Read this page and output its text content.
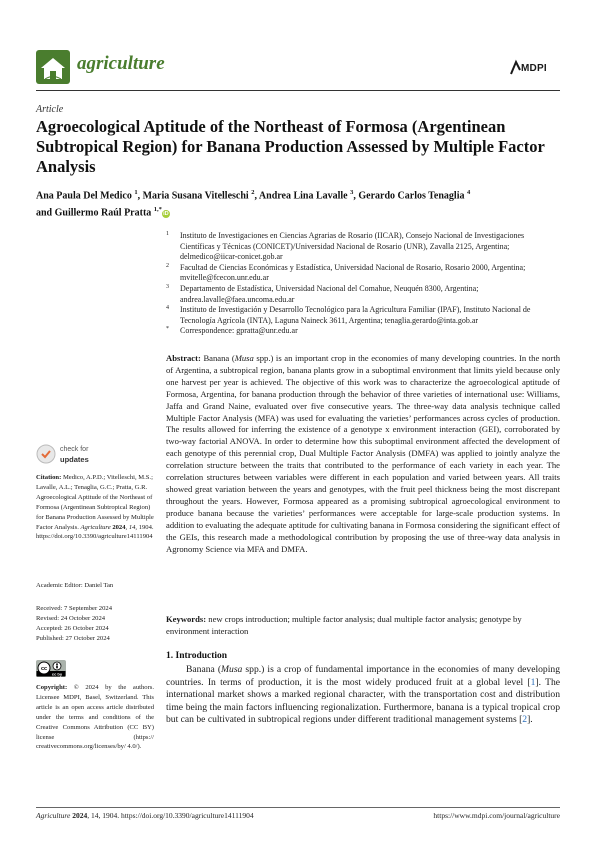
agriculture	MDPI
Article
Agroecological Aptitude of the Northeast of Formosa (Argentinean Subtropical Region) for Banana Production Assessed by Multiple Factor Analysis
Ana Paula Del Medico $^1$, Maria Susana Vitelleschi $^2$, Andrea Lina Lavalle $^3$, Gerardo Carlos Tenaglia $^4$
and Guillermo Raúl Pratta $^{1,*}$iD
1 Instituto de Investigaciones en Ciencias Agrarias de Rosario (IICAR), Consejo Nacional de Investigaciones Científicas y Técnicas (CONICET)/Universidad Nacional de Rosario (UNR), Zavalla 2125, Argentina; delmedico@iicar-conicet.gob.ar
2 Facultad de Ciencias Económicas y Estadística, Universidad Nacional de Rosario, Rosario 2000, Argentina; mvitelle@fcecon.unr.edu.ar
3 Departamento de Estadística, Universidad Nacional del Comahue, Neuquén 8300, Argentina; andrea.lavalle@faea.uncoma.edu.ar
4 Instituto de Investigación y Desarrollo Tecnológico para la Agricultura Familiar (IPAF), Instituto Nacional de Tecnología Agrícola (INTA), Laguna Naineck 3611, Argentina; tenaglia.gerardo@inta.gob.ar
* Correspondence: gpratta@unr.edu.ar

Abstract: Banana (Musa spp.) is an important crop in the economies of many developing countries. In the north of Argentina, a subtropical region, banana plants grow in a suboptimal environment that limits yield because only one harvest per year is achieved. The objective of this work was to characterize the agroecological aptitude of Formosa, Argentina, for banana production through the behavior of three varieties of international use: Williams, Jaffa and Grand Naine, evaluated over five consecutive years. The three-way data analysis technique called Multiple Factor Analysis (MFA) was used for evaluating the varieties’ performances across cycles of production. The results allowed for inferring the existence of a genotype x environment interaction (GEI), corroborated by two-way factorial ANOVA. In order to determine how this suboptimal environment affected the development of each genotype of this perennial crop, Dual Multiple Factor Analysis (DMFA) was applied to jointly analyze the correlation structure between the traits that contributed to the performance of each variety in each year. The correlation structures between variables were different in each population and varied between years. All traits showed great variation between the years and genotypes, with the fruit peel thickness being the most discrepant throughout the years. However, Formosa appeared as a promising subtropical agroecological environment to produce banana because the varieties’ performances were acceptable for large-scale production systems. In addition to evaluating the adequate aptitude for cultivating banana in Formosa considering the significant effect of the GEIs, this research made a methodological contribution by proposing the use of three-way data analysis in Agronomy Science via MFA and DMFA.

Keywords: new crops introduction; multiple factor analysis; dual multiple factor analysis; genotype by environment interaction

check for
updates

Citation: Medico, A.P.D.; Vitelleschi, M.S.; Lavalle, A.L.; Tenaglia, G.C.; Pratta, G.R. Agroecological Aptitude of the Northeast of Formosa (Argentinean Subtropical Region) for Banana Production Assessed by Multiple Factor Analysis. Agriculture 2024, 14, 1904. https://doi.org/10.3390/agriculture14111904

Academic Editor: Daniel Tan

Received: 7 September 2024

Revised: 24 October 2024

Accepted: 26 October 2024

Published: 27 October 2024

cc
cc by

Copyright: © 2024 by the authors. Licensee MDPI, Basel, Switzerland. This article is an open access article distributed under the terms and conditions of the Creative Commons Attribution (CC BY) license (https:// creativecommons.org/licenses/by/ 4.0/).

1. Introduction

Banana (Musa spp.) is a crop of fundamental importance in the economies of many developing countries. In terms of production, it is the most widely produced fruit at a global level [1]. The international market shows a marked regional character, with the transportation cost and distribution time being the main factors influencing regionalization. Furthermore, banana is a typical tropical crop but can be cultivated in subtropical regions under different traditional management systems [2].

Agriculture 2024, 14, 1904. https://doi.org/10.3390/agriculture14111904	https://www.mdpi.com/journal/agriculture
